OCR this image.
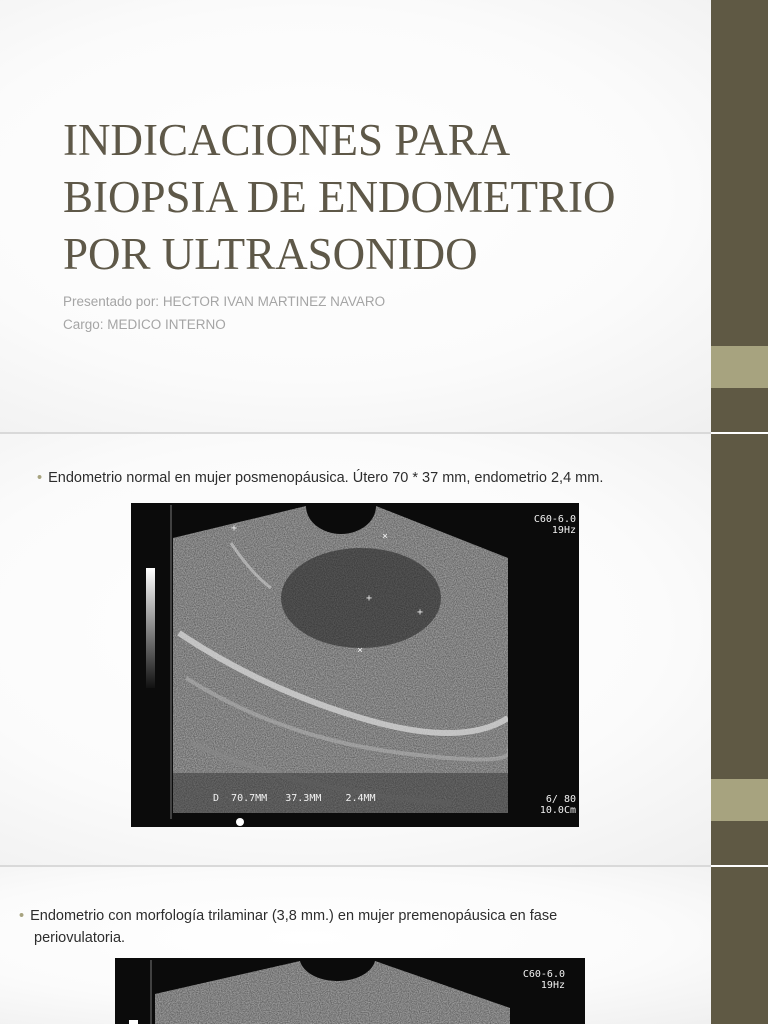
INDICACIONES PARA BIOPSIA DE ENDOMETRIO POR ULTRASONIDO
Presentado por: HECTOR IVAN MARTINEZ NAVARO
Cargo: MEDICO INTERNO
• Endometrio normal en mujer posmenopáusica. Útero 70 * 37 mm, endometrio 2,4 mm.
+
+
×
×
+
C60-6.0
19Hz
D  70.7MM   37.3MM    2.4MM	6/ 80
10.0Cm
• Endometrio con morfología trilaminar (3,8 mm.) en mujer premenopáusica en fase
periovulatoria.
C60-6.0
19Hz
